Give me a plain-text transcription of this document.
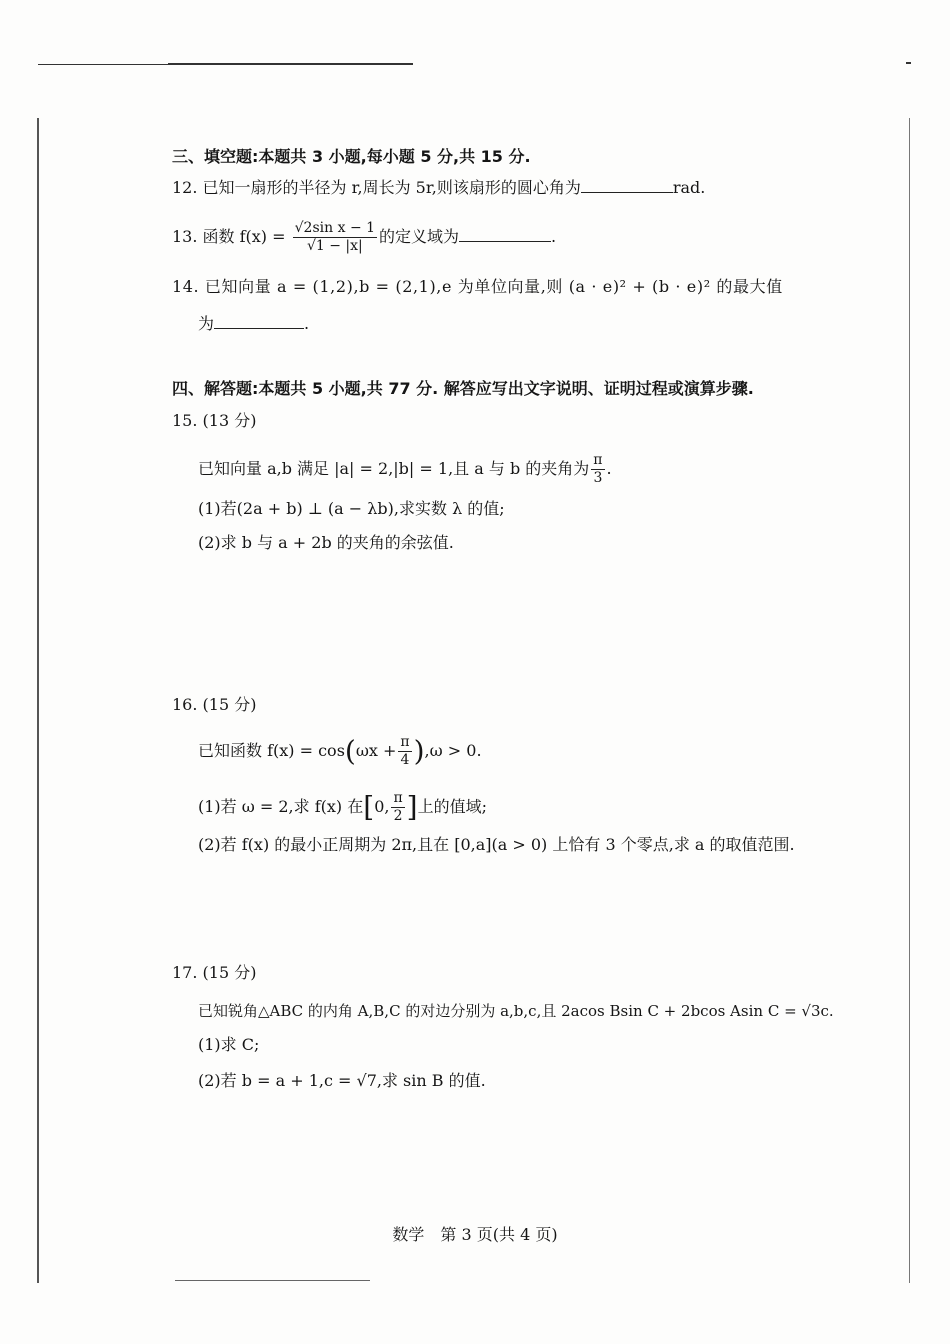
三、填空题:本题共 3 小题,每小题 5 分,共 15 分.
12. 已知一扇形的半径为 r,周长为 5r,则该扇形的圆心角为	rad.
13. 函数 $f(x) = \frac{\text{√2sin x − 1}}{√1 - |x|}$ 的定义域为	.
14. 已知向量 a = (1,2),b = (2,1),e 为单位向量,则 (a · e)² + (b · e)² 的最大值
为	.
四、解答题:本题共 5 小题,共 77 分. 解答应写出文字说明、证明过程或演算步骤.
15. (13 分)
已知向量 a,b 满足 |a| = 2,|b| = 1,且 a 与 b 的夹角为 $\frac{\pi}{3}$ .
(1)若(2a + b) ⊥ (a − λb),求实数 λ 的值;
(2)求 b 与 a + 2b 的夹角的余弦值.
16. (15 分)
已知函数 $f(x) = \cos(\omega x + \frac{\pi}{4} ),\omega > 0$.
(1)若 ω = 2,求 f(x) 在[0, $\frac{\pi}{2}$ ]上的值域;
(2)若 f(x) 的最小正周期为 2π,且在 [0,a](a > 0) 上恰有 3 个零点,求 a 的取值范围.
17. (15 分)
已知锐角△ABC 的内角 A,B,C 的对边分别为 a,b,c,且 2acos Bsin C + 2bcos Asin C = √3c.
(1)求 C;
(2)若 b = a + 1,c = √7,求 sin B 的值.
数学　第 3 页(共 4 页)
